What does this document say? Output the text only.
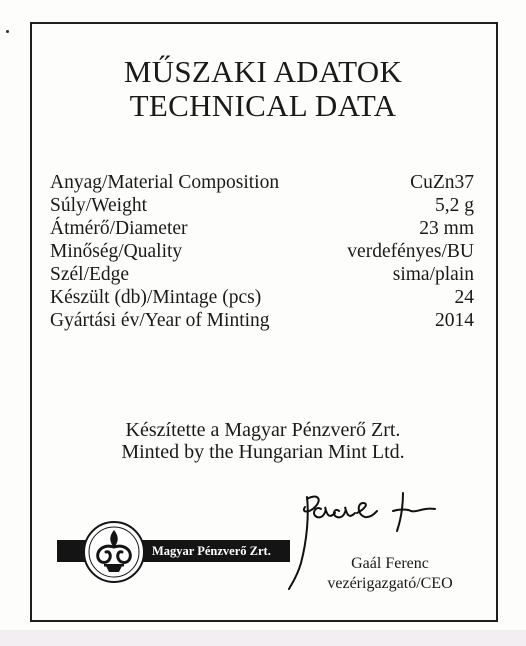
MŰSZAKI ADATOK
TECHNICAL DATA
Anyag/Material Composition	CuZn37
Súly/Weight	5,2 g
Átmérő/Diameter	23 mm
Minőség/Quality	verdefényes/BU
Szél/Edge	sima/plain
Készült (db)/Mintage (pcs)	24
Gyártási év/Year of Minting	2014
Készítette a Magyar Pénzverő Zrt.
Minted by the Hungarian Mint Ltd.
Magyar Pénzverő Zrt.
Gaál Ferenc
vezérigazgató/CEO
